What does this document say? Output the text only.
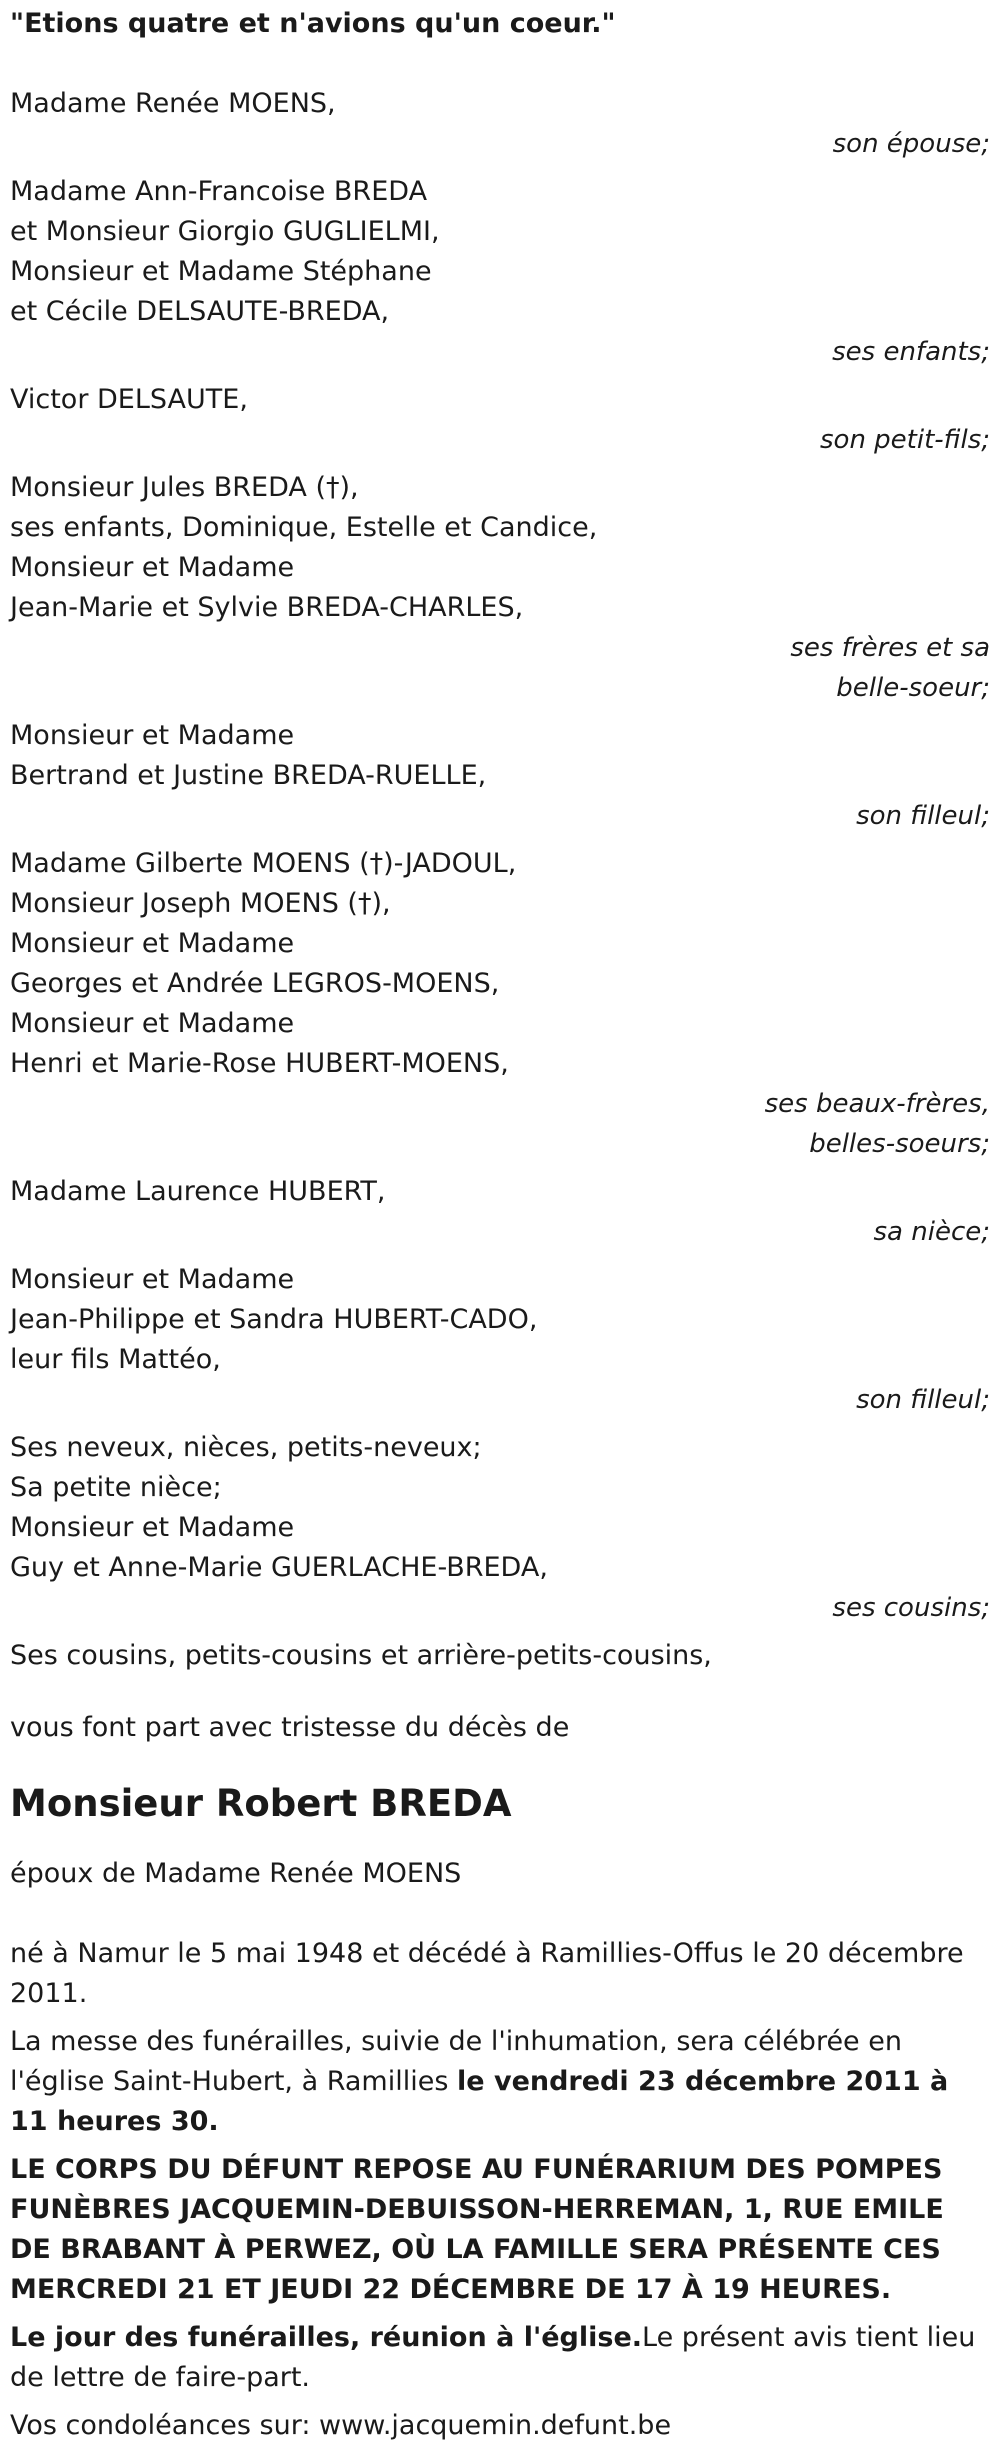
"Etions quatre et n'avions qu'un coeur."
Madame Renée MOENS,
son épouse;
Madame Ann-Francoise BREDA
et Monsieur Giorgio GUGLIELMI,
Monsieur et Madame Stéphane
et Cécile DELSAUTE-BREDA,
ses enfants;
Victor DELSAUTE,
son petit-fils;
Monsieur Jules BREDA (†),
ses enfants, Dominique, Estelle et Candice,
Monsieur et Madame
Jean-Marie et Sylvie BREDA-CHARLES,
ses frères et sa
belle-soeur;
Monsieur et Madame
Bertrand et Justine BREDA-RUELLE,
son filleul;
Madame Gilberte MOENS (†)-JADOUL,
Monsieur Joseph MOENS (†),
Monsieur et Madame
Georges et Andrée LEGROS-MOENS,
Monsieur et Madame
Henri et Marie-Rose HUBERT-MOENS,
ses beaux-frères,
belles-soeurs;
Madame Laurence HUBERT,
sa nièce;
Monsieur et Madame
Jean-Philippe et Sandra HUBERT-CADO,
leur fils Mattéo,
son filleul;
Ses neveux, nièces, petits-neveux;
Sa petite nièce;
Monsieur et Madame
Guy et Anne-Marie GUERLACHE-BREDA,
ses cousins;
Ses cousins, petits-cousins et arrière-petits-cousins,
vous font part avec tristesse du décès de
Monsieur Robert BREDA
époux de Madame Renée MOENS
né à Namur le 5 mai 1948 et décédé à Ramillies-Offus le 20 décembre 2011.
La messe des funérailles, suivie de l'inhumation, sera célébrée en l'église Saint-Hubert, à Ramillies le vendredi 23 décembre 2011 à 11 heures 30.
LE CORPS DU DÉFUNT REPOSE AU FUNÉRARIUM DES POMPES FUNÈBRES JACQUEMIN-DEBUISSON-HERREMAN, 1, RUE EMILE DE BRABANT À PERWEZ, OÙ LA FAMILLE SERA PRÉSENTE CES MERCREDI 21 ET JEUDI 22 DÉCEMBRE DE 17 À 19 HEURES.
Le jour des funérailles, réunion à l'église.Le présent avis tient lieu de lettre de faire-part.
Vos condoléances sur: www.jacquemin.defunt.be
